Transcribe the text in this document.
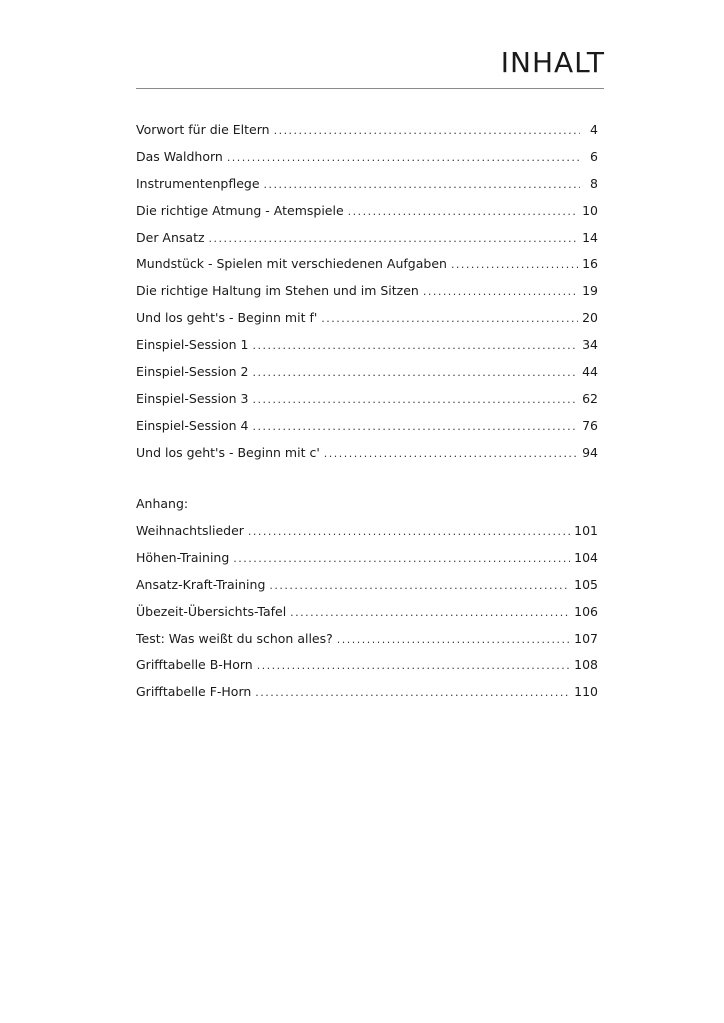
INHALT
Vorwort für die Eltern . . .	4
Das Waldhorn . . .	6
Instrumentenpflege . . .	8
Die richtige Atmung - Atemspiele . . .	10
Der Ansatz . . .	14
Mundstück - Spielen mit verschiedenen Aufgaben . . .	16
Die richtige Haltung im Stehen und im Sitzen . . .	19
Und los geht's - Beginn mit f' . . .	20
Einspiel-Session 1 . . .	34
Einspiel-Session 2 . . .	44
Einspiel-Session 3 . . .	62
Einspiel-Session 4 . . .	76
Und los geht's - Beginn mit c' . . .	94
Anhang:
Weihnachtslieder . . .	101
Höhen-Training . . .	104
Ansatz-Kraft-Training . . .	105
Übezeit-Übersichts-Tafel . . .	106
Test: Was weißt du schon alles? . . .	107
Grifftabelle B-Horn . . .	108
Grifftabelle F-Horn . . .	110
